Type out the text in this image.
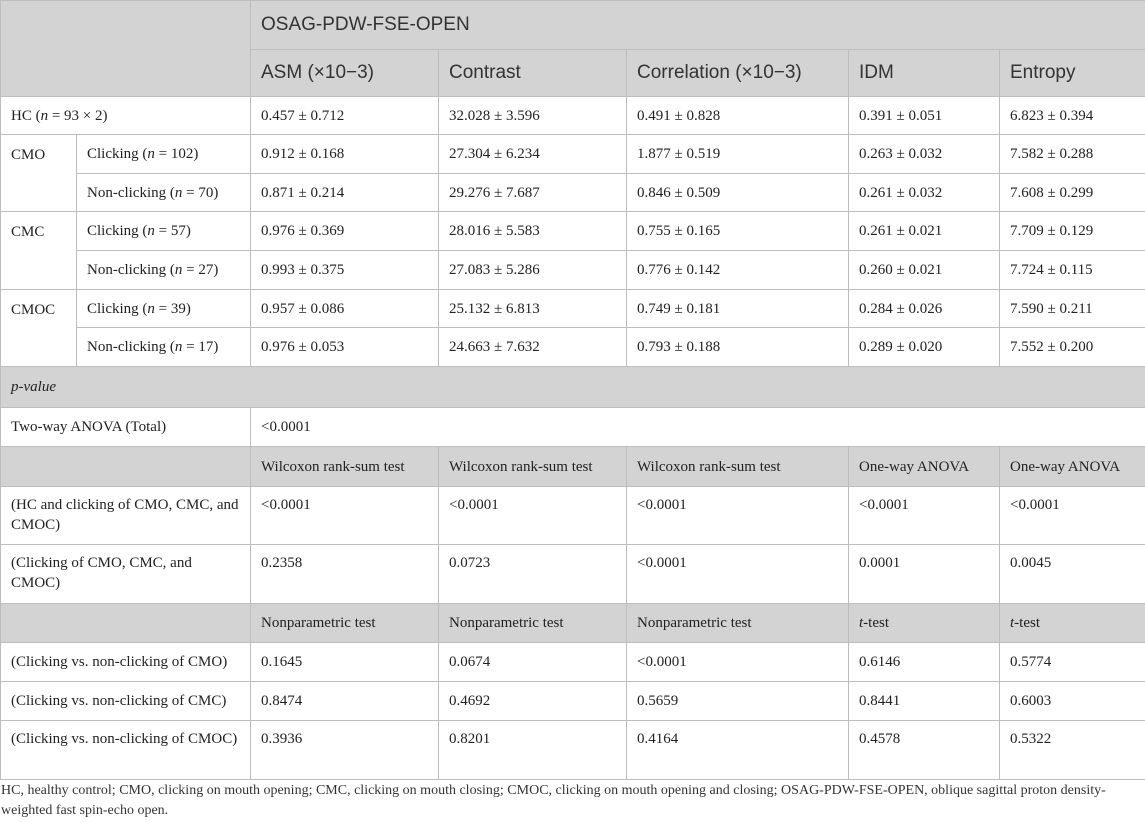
		OSAG-PDW-FSE-OPEN				
		ASM (×10−3)	Contrast	Correlation (×10−3)	IDM	Entropy
HC (n = 93 × 2)		0.457 ± 0.712	32.028 ± 3.596	0.491 ± 0.828	0.391 ± 0.051	6.823 ± 0.394
CMO	Clicking (n = 102)	0.912 ± 0.168	27.304 ± 6.234	1.877 ± 0.519	0.263 ± 0.032	7.582 ± 0.288
	Non-clicking (n = 70)	0.871 ± 0.214	29.276 ± 7.687	0.846 ± 0.509	0.261 ± 0.032	7.608 ± 0.299
CMC	Clicking (n = 57)	0.976 ± 0.369	28.016 ± 5.583	0.755 ± 0.165	0.261 ± 0.021	7.709 ± 0.129
	Non-clicking (n = 27)	0.993 ± 0.375	27.083 ± 5.286	0.776 ± 0.142	0.260 ± 0.021	7.724 ± 0.115
CMOC	Clicking (n = 39)	0.957 ± 0.086	25.132 ± 6.813	0.749 ± 0.181	0.284 ± 0.026	7.590 ± 0.211
	Non-clicking (n = 17)	0.976 ± 0.053	24.663 ± 7.632	0.793 ± 0.188	0.289 ± 0.020	7.552 ± 0.200
p-value						
Two-way ANOVA (Total)		<0.0001				
		Wilcoxon rank-sum test	Wilcoxon rank-sum test	Wilcoxon rank-sum test	One-way ANOVA	One-way ANOVA
(HC and clicking of CMO, CMC, and CMOC)		<0.0001	<0.0001	<0.0001	<0.0001	<0.0001
(Clicking of CMO, CMC, and CMOC)		0.2358	0.0723	<0.0001	0.0001	0.0045
		Nonparametric test	Nonparametric test	Nonparametric test	t-test	t-test
(Clicking vs. non-clicking of CMO)		0.1645	0.0674	<0.0001	0.6146	0.5774
(Clicking vs. non-clicking of CMC)		0.8474	0.4692	0.5659	0.8441	0.6003
(Clicking vs. non-clicking of CMOC)		0.3936	0.8201	0.4164	0.4578	0.5322
HC, healthy control; CMO, clicking on mouth opening; CMC, clicking on mouth closing; CMOC, clicking on mouth opening and closing; OSAG-PDW-FSE-OPEN, oblique sagittal proton density-weighted fast spin-echo open.
